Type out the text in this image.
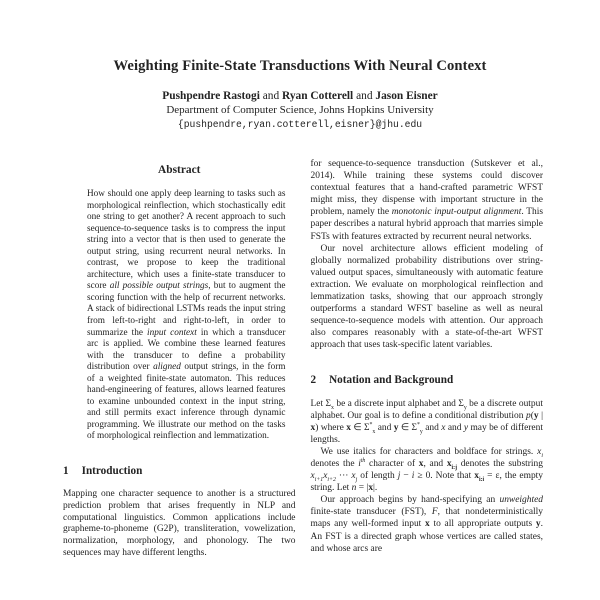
Weighting Finite-State Transductions With Neural Context
Pushpendre Rastogi and Ryan Cotterell and Jason Eisner
Department of Computer Science, Johns Hopkins University
{pushpendre,ryan.cotterell,eisner}@jhu.edu
Abstract

How should one apply deep learning to tasks such as morphological reinflection, which stochastically edit one string to get another? A recent approach to such sequence-to-sequence tasks is to compress the input string into a vector that is then used to generate the output string, using recurrent neural networks. In contrast, we propose to keep the traditional architecture, which uses a finite-state transducer to score all possible output strings, but to augment the scoring function with the help of recurrent networks. A stack of bidirectional LSTMs reads the input string from left-to-right and right-to-left, in order to summarize the input context in which a transducer arc is applied. We combine these learned features with the transducer to define a probability distribution over aligned output strings, in the form of a weighted finite-state automaton. This reduces hand-engineering of features, allows learned features to examine unbounded context in the input string, and still permits exact inference through dynamic programming. We illustrate our method on the tasks of morphological reinflection and lemmatization.

1 Introduction

Mapping one character sequence to another is a structured prediction problem that arises frequently in NLP and computational linguistics. Common applications include grapheme-to-phoneme (G2P), transliteration, vowelization, normalization, morphology, and phonology. The two sequences may have different lengths.

for sequence-to-sequence transduction (Sutskever et al., 2014). While training these systems could discover contextual features that a hand-crafted parametric WFST might miss, they dispense with important structure in the problem, namely the monotonic input-output alignment. This paper describes a natural hybrid approach that marries simple FSTs with features extracted by recurrent neural networks.

Our novel architecture allows efficient modeling of globally normalized probability distributions over string-valued output spaces, simultaneously with automatic feature extraction. We evaluate on morphological reinflection and lemmatization tasks, showing that our approach strongly outperforms a standard WFST baseline as well as neural sequence-to-sequence models with attention. Our approach also compares reasonably with a state-of-the-art WFST approach that uses task-specific latent variables.

2 Notation and Background

Let $\Sigma_x$ be a discrete input alphabet and $\Sigma_y$ be a discrete output alphabet. Our goal is to define a conditional distribution p(y | x) where x ∈ $\Sigma^*_x$ and y ∈ $\Sigma^*_y$ and x and y may be of different lengths.

We use italics for characters and boldface for strings. $x_i$ denotes the $i^{th}$ character of x, and $x_{i:j}$ denotes the substring $x_{i+1}x_{i+2}$ ··· $x_j$ of length j − i ≥ 0. Note that $x_{i:i} = \varepsilon$, the empty string. Let n = |x|.

Our approach begins by hand-specifying an unweighted finite-state transducer (FST), F, that nondeterministically maps any well-formed input x to all appropriate outputs y. An FST is a directed graph whose vertices are called states, and whose arcs are
